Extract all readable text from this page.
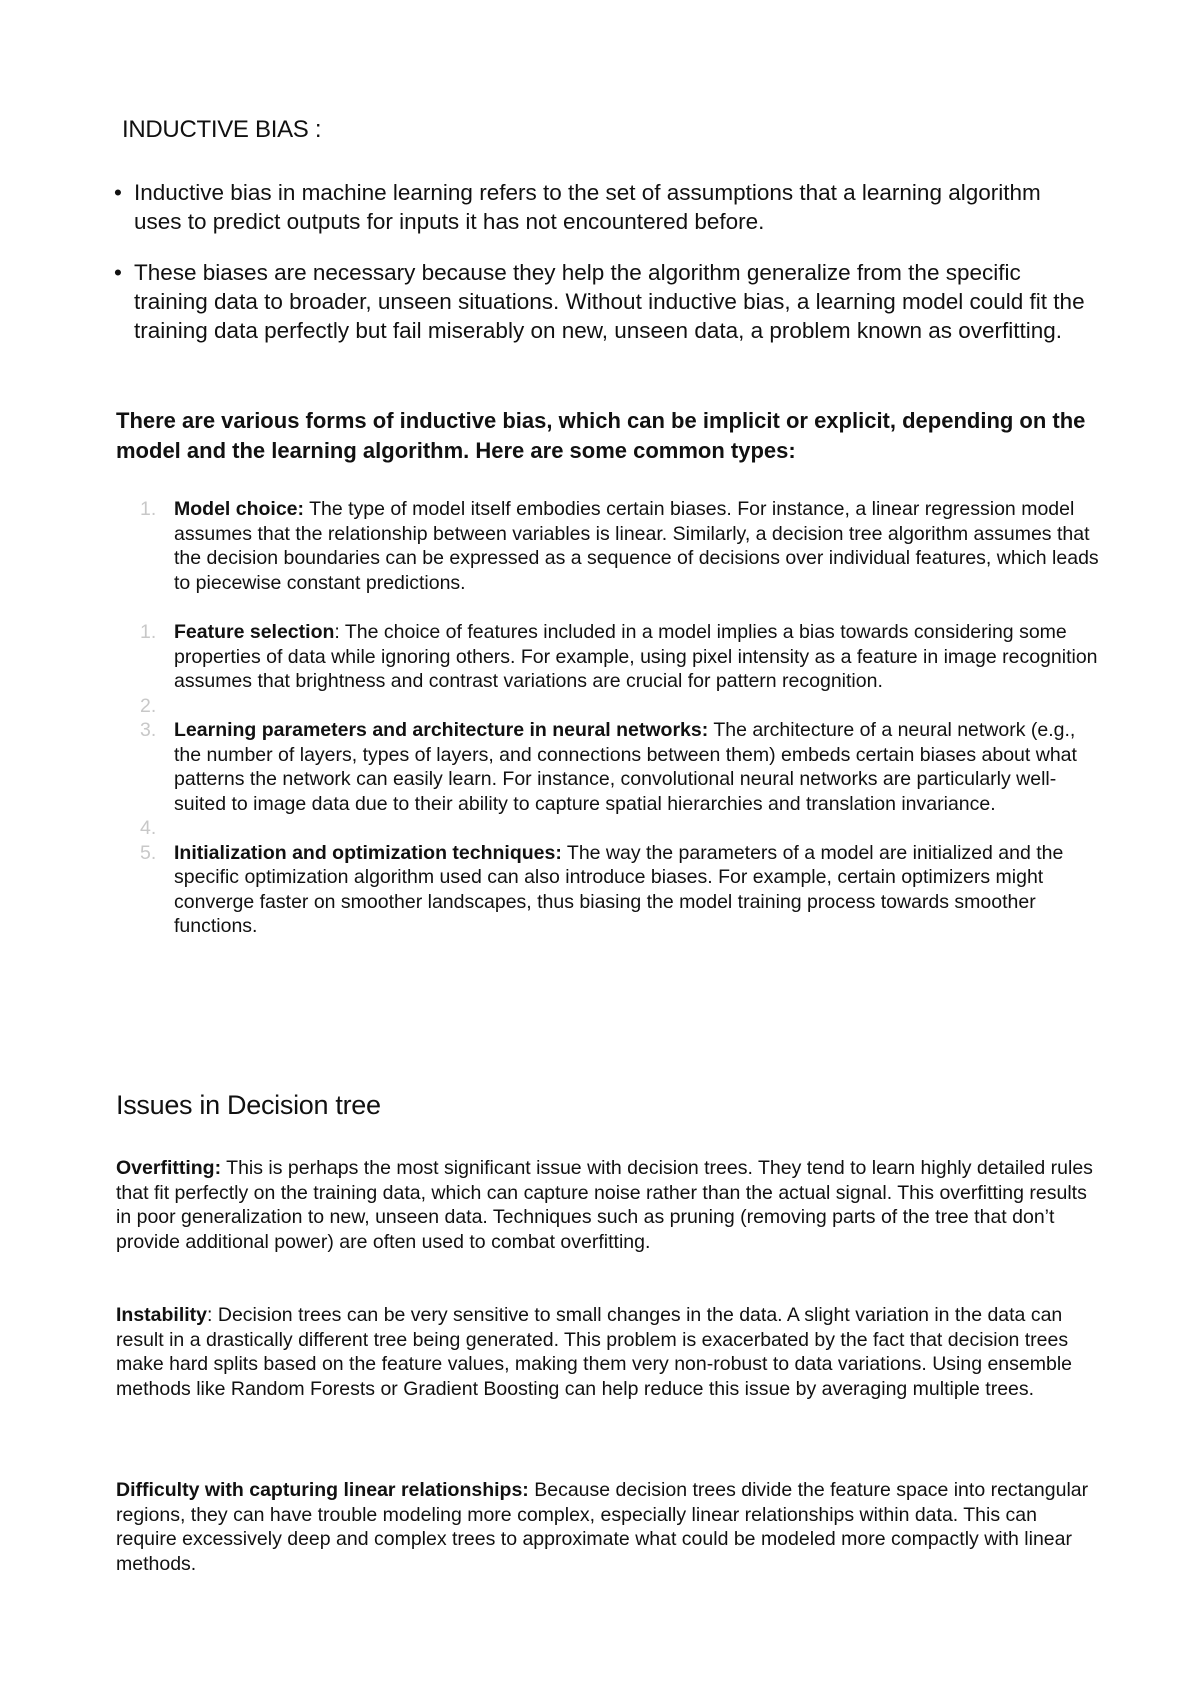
INDUCTIVE BIAS :
• Inductive bias in machine learning refers to the set of assumptions that a learning algorithm uses to predict outputs for inputs it has not encountered before.
• These biases are necessary because they help the algorithm generalize from the specific training data to broader, unseen situations. Without inductive bias, a learning model could fit the training data perfectly but fail miserably on new, unseen data, a problem known as overfitting.

There are various forms of inductive bias, which can be implicit or explicit, depending on the model and the learning algorithm. Here are some common types:

1. Model choice: The type of model itself embodies certain biases. For instance, a linear regression model assumes that the relationship between variables is linear. Similarly, a decision tree algorithm assumes that the decision boundaries can be expressed as a sequence of decisions over individual features, which leads to piecewise constant predictions.
1. Feature selection: The choice of features included in a model implies a bias towards considering some properties of data while ignoring others. For example, using pixel intensity as a feature in image recognition assumes that brightness and contrast variations are crucial for pattern recognition.
2.

3. Learning parameters and architecture in neural networks: The architecture of a neural network (e.g., the number of layers, types of layers, and connections between them) embeds certain biases about what patterns the network can easily learn. For instance, convolutional neural networks are particularly well-suited to image data due to their ability to capture spatial hierarchies and translation invariance.
4.

5. Initialization and optimization techniques: The way the parameters of a model are initialized and the specific optimization algorithm used can also introduce biases. For example, certain optimizers might converge faster on smoother landscapes, thus biasing the model training process towards smoother functions.
Issues in Decision tree

Overfitting: This is perhaps the most significant issue with decision trees. They tend to learn highly detailed rules that fit perfectly on the training data, which can capture noise rather than the actual signal. This overfitting results in poor generalization to new, unseen data. Techniques such as pruning (removing parts of the tree that don’t provide additional power) are often used to combat overfitting.

Instability: Decision trees can be very sensitive to small changes in the data. A slight variation in the data can result in a drastically different tree being generated. This problem is exacerbated by the fact that decision trees make hard splits based on the feature values, making them very non-robust to data variations. Using ensemble methods like Random Forests or Gradient Boosting can help reduce this issue by averaging multiple trees.

Difficulty with capturing linear relationships: Because decision trees divide the feature space into rectangular regions, they can have trouble modeling more complex, especially linear relationships within data. This can require excessively deep and complex trees to approximate what could be modeled more compactly with linear methods.
